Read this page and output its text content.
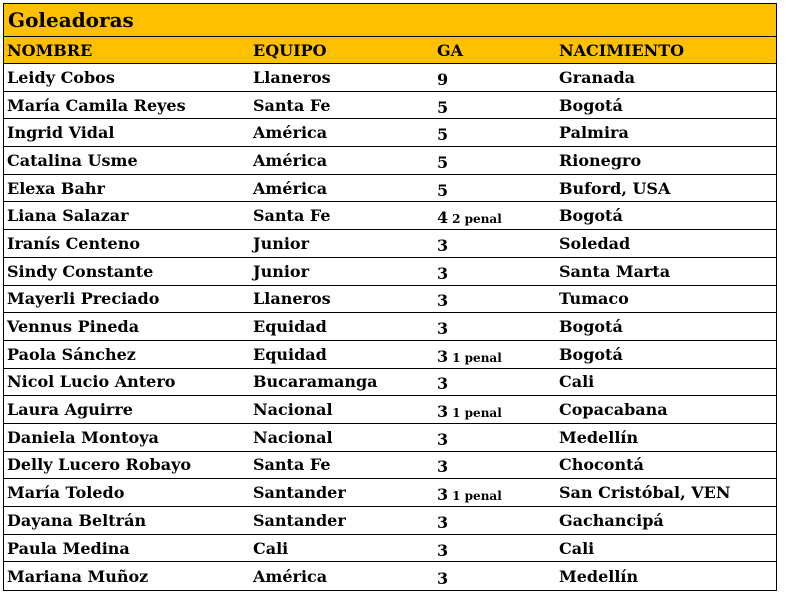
Goleadoras
NOMBRE	EQUIPO	GA	NACIMIENTO
Leidy Cobos	Llaneros	9	Granada
María Camila Reyes	Santa Fe	5	Bogotá
Ingrid Vidal	América	5	Palmira
Catalina Usme	América	5	Rionegro
Elexa Bahr	América	5	Buford, USA
Liana Salazar	Santa Fe	4 2 penal	Bogotá
Iranís Centeno	Junior	3	Soledad
Sindy Constante	Junior	3	Santa Marta
Mayerli Preciado	Llaneros	3	Tumaco
Vennus Pineda	Equidad	3	Bogotá
Paola Sánchez	Equidad	3 1 penal	Bogotá
Nicol Lucio Antero	Bucaramanga	3	Cali
Laura Aguirre	Nacional	3 1 penal	Copacabana
Daniela Montoya	Nacional	3	Medellín
Delly Lucero Robayo	Santa Fe	3	Chocontá
María Toledo	Santander	3 1 penal	San Cristóbal, VEN
Dayana Beltrán	Santander	3	Gachancipá
Paula Medina	Cali	3	Cali
Mariana Muñoz	América	3	Medellín
